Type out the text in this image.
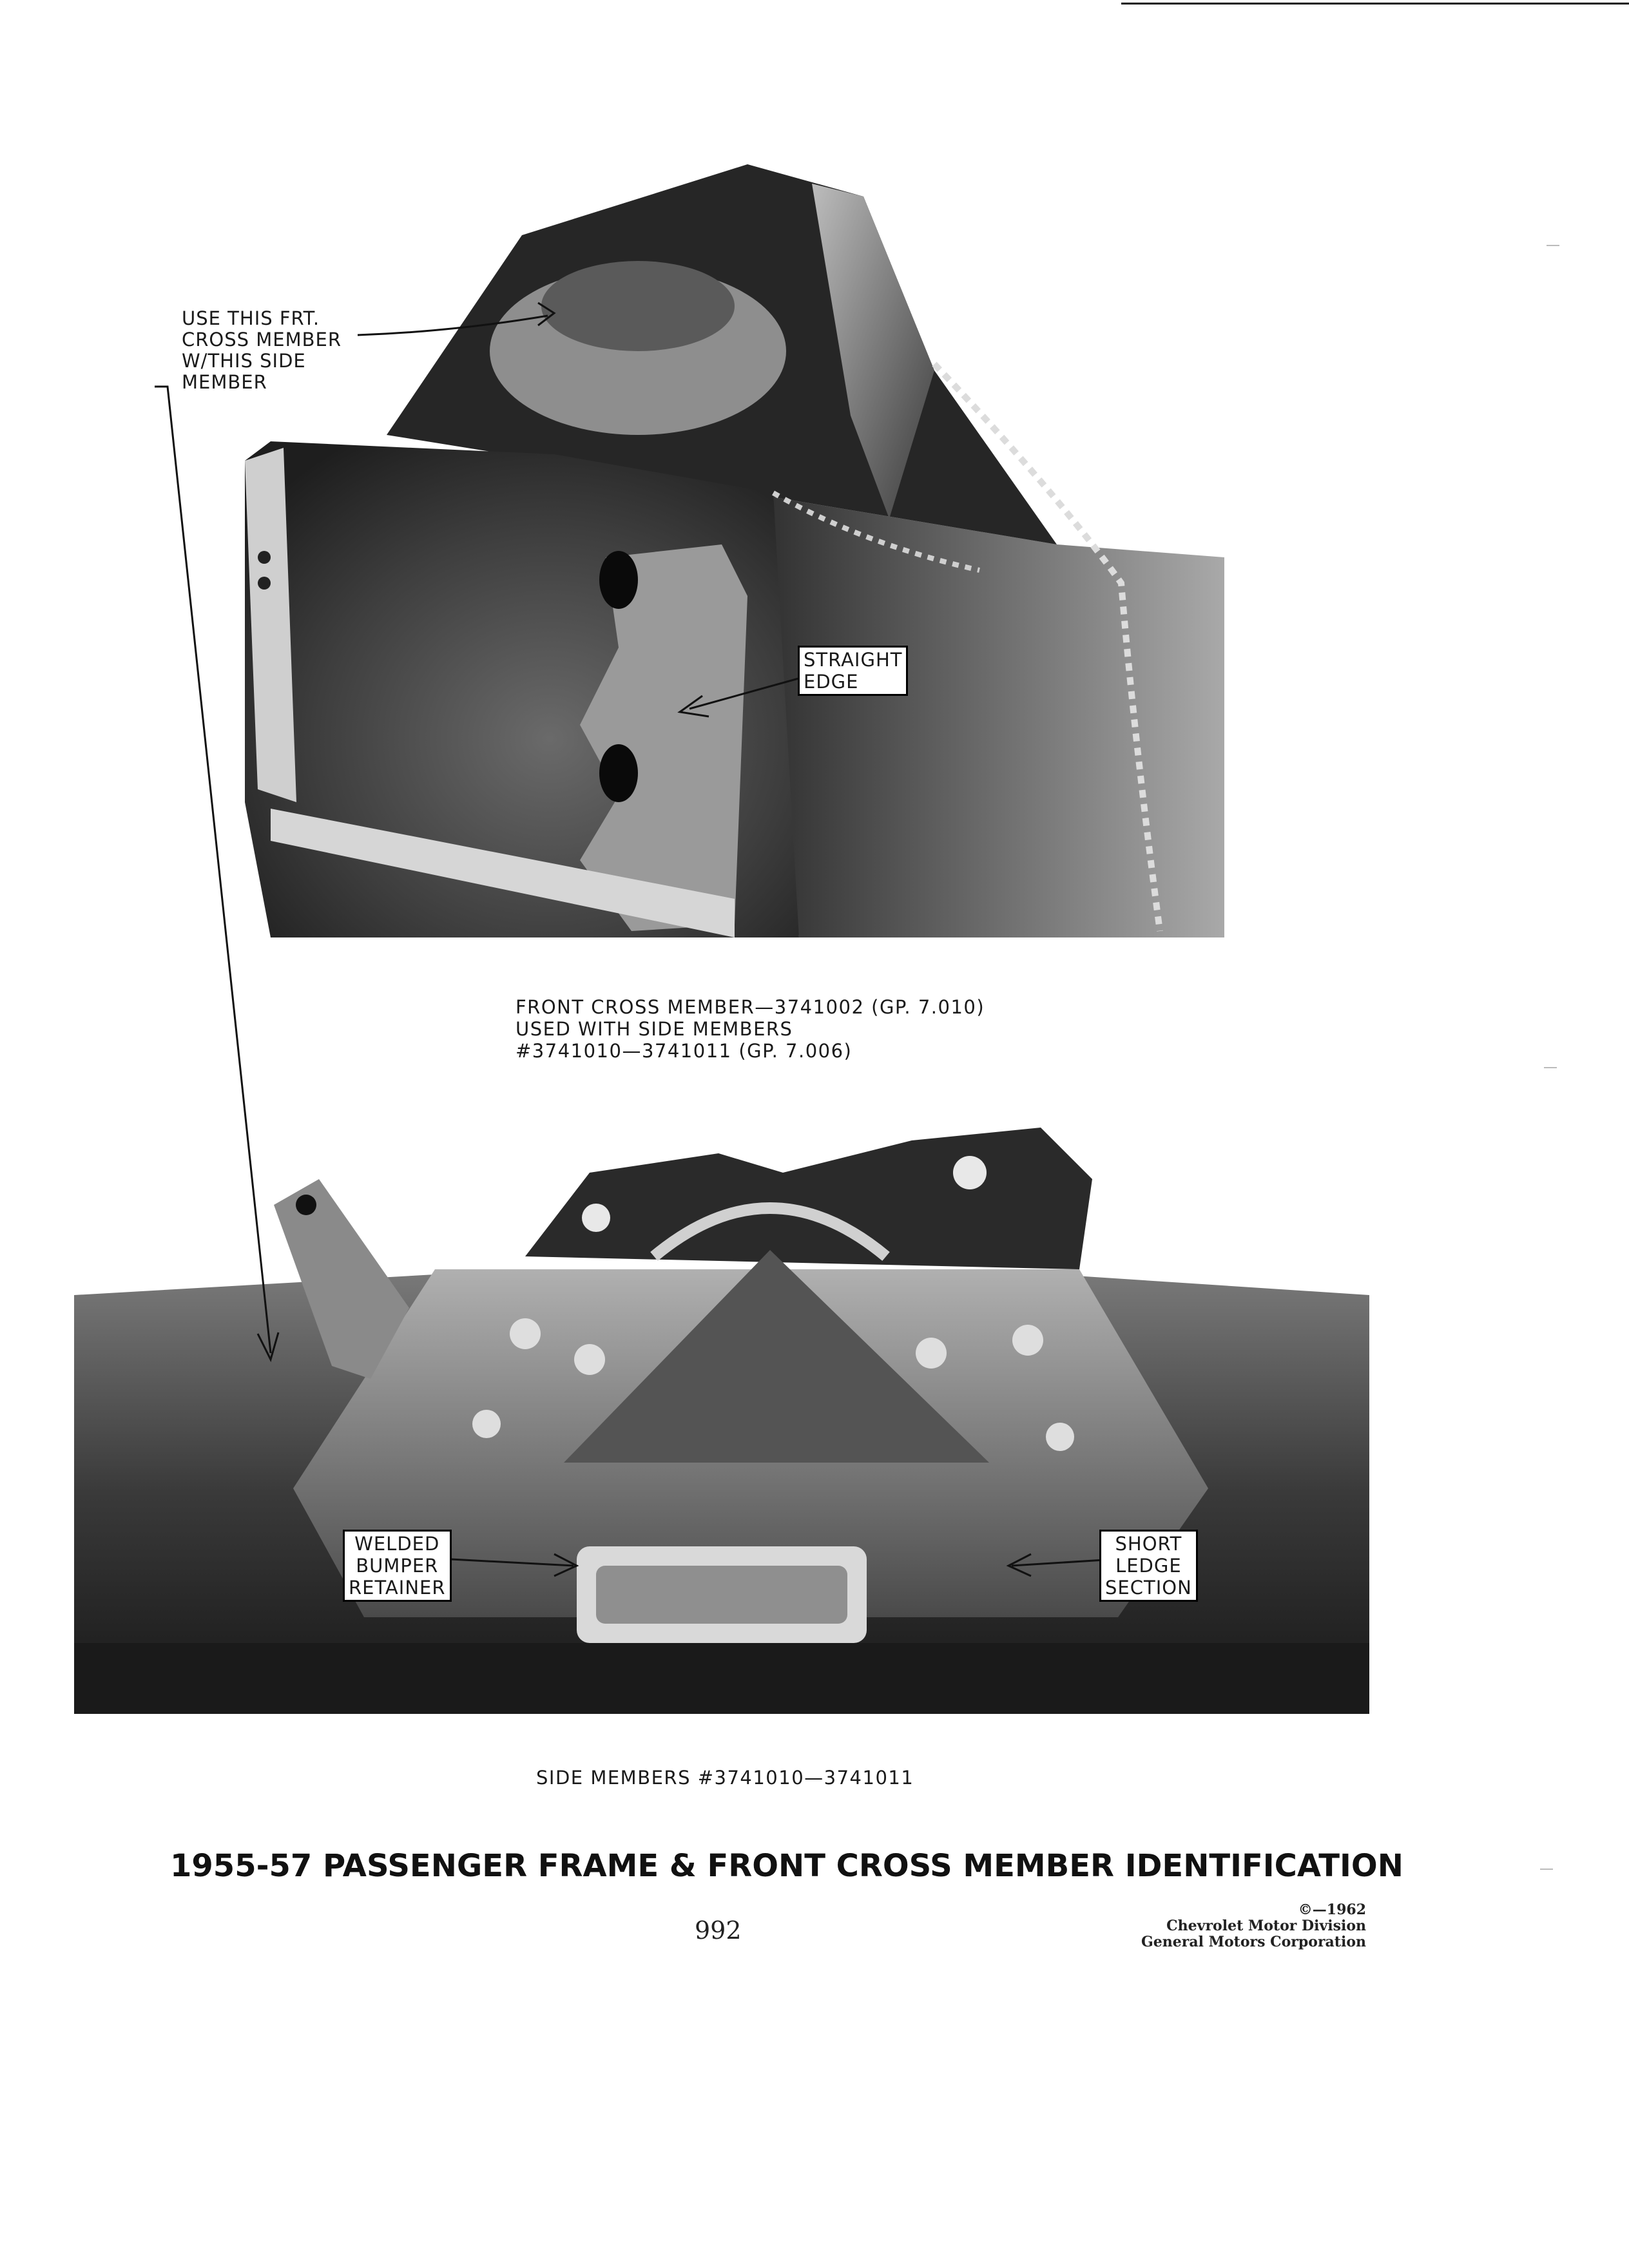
USE THIS FRT.
CROSS MEMBER
W/THIS SIDE
MEMBER
STRAIGHT
EDGE
WELDED
BUMPER
RETAINER
SHORT
LEDGE
SECTION
FRONT CROSS MEMBER—3741002 (GP. 7.010)
USED WITH SIDE MEMBERS
#3741010—3741011 (GP. 7.006)
SIDE MEMBERS #3741010—3741011
1955-57 PASSENGER FRAME & FRONT CROSS MEMBER IDENTIFICATION
992
©—1962
Chevrolet Motor Division
General Motors Corporation
